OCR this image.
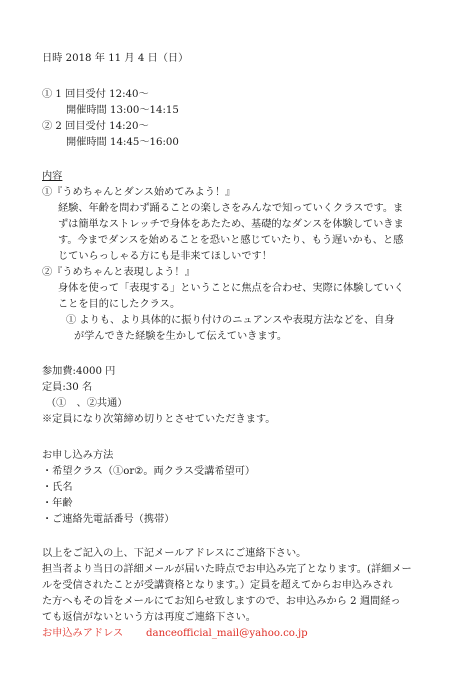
日時 2018 年 11 月 4 日（日）
① 1 回目受付 12:40～
開催時間 13:00～14:15
② 2 回目受付 14:20～
開催時間 14:45～16:00
内容
①『うめちゃんとダンス始めてみよう！』
経験、年齢を問わず踊ることの楽しさをみんなで知っていくクラスです。ま
ずは簡単なストレッチで身体をあたため、基礎的なダンスを体験していきま
す。今までダンスを始めることを恐いと感じていたり、もう遅いかも、と感
じていらっしゃる方にも是非来てほしいです！
②『うめちゃんと表現しよう！』
身体を使って「表現する」ということに焦点を合わせ、実際に体験していく
ことを目的にしたクラス。
① よりも、より具体的に振り付けのニュアンスや表現方法などを、自身
が学んできた経験を生かして伝えていきます。
参加費:4000 円
定員:30 名
（①　、②共通）
※定員になり次第締め切りとさせていただきます。
お申し込み方法
・希望クラス（①or②。両クラス受講希望可）
・氏名
・年齢
・ご連絡先電話番号（携帯）
以上をご記入の上、下記メールアドレスにご連絡下さい。
担当者より当日の詳細メールが届いた時点でお申込み完了となります。(詳細メー
ルを受信されたことが受講資格となります。）定員を超えてからお申込みされ
た方へもその旨をメールにてお知らせ致しますので、お申込みから 2 週間経っ
ても返信がないという方は再度ご連絡下さい。
お申込みアドレス danceofficial_mail@yahoo.co.jp
